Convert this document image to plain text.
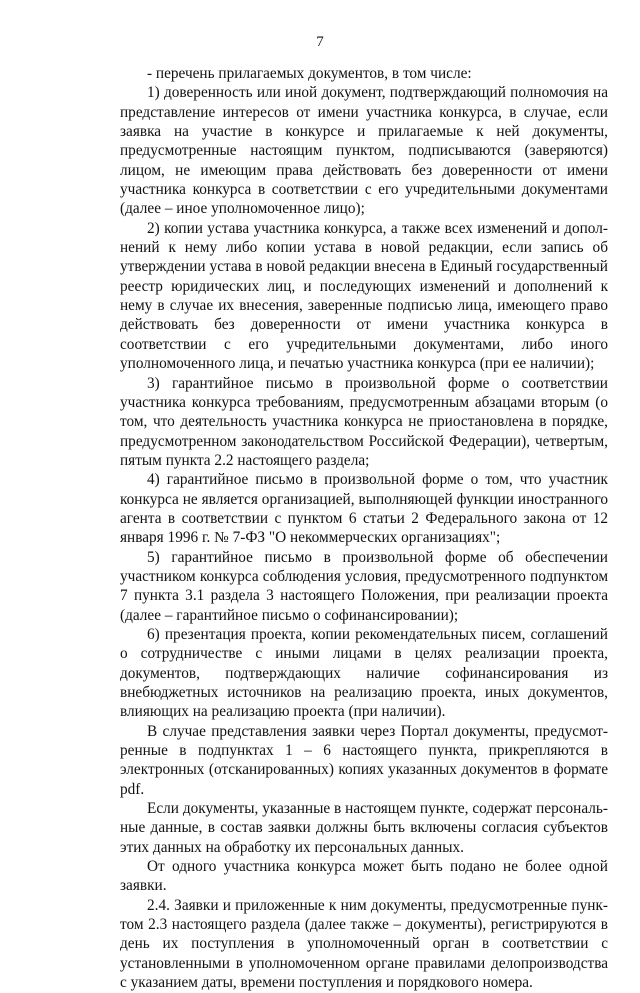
7

- перечень прилагаемых документов, в том числе:

1) доверенность или иной документ, подтверждающий полномочия на представление интересов от имени участника конкурса, в случае, если заявка на участие в конкурсе и прилагаемые к ней документы, предусмотренные настоящим пунктом, подписываются (заверяются) лицом, не имеющим права действовать без доверенности от имени участника конкурса в соответствии с его учредительными документами (далее – иное уполномоченное лицо);

2) копии устава участника конкурса, а также всех изменений и дополнений к нему либо копии устава в новой редакции, если запись об утверждении устава в новой редакции внесена в Единый государственный реестр юридических лиц, и последующих изменений и дополнений к нему в случае их внесения, заверенные подписью лица, имеющего право действовать без доверенности от имени участника конкурса в соответствии с его учредительными документами, либо иного уполномоченного лица, и печатью участника конкурса (при ее наличии);

3) гарантийное письмо в произвольной форме о соответствии участника конкурса требованиям, предусмотренным абзацами вторым (о том, что деятельность участника конкурса не приостановлена в порядке, предусмотренном законодательством Российской Федерации), четвертым, пятым пункта 2.2 настоящего раздела;

4) гарантийное письмо в произвольной форме о том, что участник конкурса не является организацией, выполняющей функции иностранного агента в соответствии с пунктом 6 статьи 2 Федерального закона от 12 января 1996 г. № 7-ФЗ "О некоммерческих организациях";

5) гарантийное письмо в произвольной форме об обеспечении участником конкурса соблюдения условия, предусмотренного подпунктом 7 пункта 3.1 раздела 3 настоящего Положения, при реализации проекта (далее – гарантийное письмо о софинансировании);

6) презентация проекта, копии рекомендательных писем, соглашений о сотрудничестве с иными лицами в целях реализации проекта, документов, подтверждающих наличие софинансирования из внебюджетных источников на реализацию проекта, иных документов, влияющих на реализацию проекта (при наличии).

В случае представления заявки через Портал документы, предусмотренные в подпунктах 1 – 6 настоящего пункта, прикрепляются в электронных (отсканированных) копиях указанных документов в формате pdf.

Если документы, указанные в настоящем пункте, содержат персональные данные, в состав заявки должны быть включены согласия субъектов этих данных на обработку их персональных данных.

От одного участника конкурса может быть подано не более одной заявки.

2.4. Заявки и приложенные к ним документы, предусмотренные пунктом 2.3 настоящего раздела (далее также – документы), регистрируются в день их поступления в уполномоченный орган в соответствии с установленными в уполномоченном органе правилами делопроизводства с указанием даты, времени поступления и порядкового номера.
